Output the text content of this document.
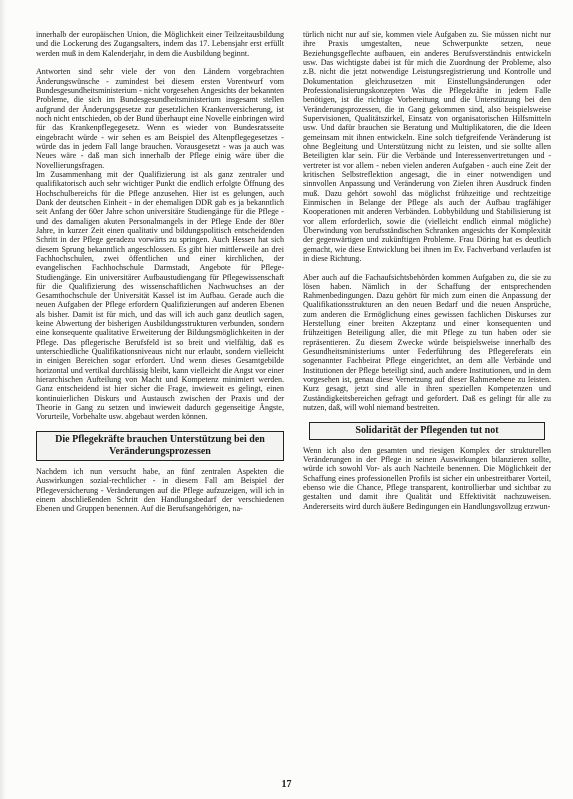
innerhalb der europäischen Union, die Möglichkeit einer Teilzeitausbildung und die Lockerung des Zugangsalters, indem das 17. Lebensjahr erst erfüllt werden muß in dem Kalenderjahr, in dem die Ausbildung beginnt.

Antworten sind sehr viele der von den Ländern vorgebrachten Änderungswünsche - zumindest bei diesem ersten Vorentwurf vom Bundesgesundheitsministerium - nicht vorgesehen Angesichts der bekannten Probleme, die sich im Bundesgesundheitsministerium insgesamt stellen aufgrund der Änderungsgesetze zur gesetzlichen Krankenversicherung, ist noch nicht entschieden, ob der Bund überhaupt eine Novelle einbringen wird für das Krankenpflegegesetz. Wenn es wieder von Bundesratsseite eingebracht würde - wir sehen es am Beispiel des Altenpflegegesetzes - würde das in jedem Fall lange brauchen. Vorausgesetzt - was ja auch was Neues wäre - daß man sich innerhalb der Pflege einig wäre über die Novellierungsfragen.

Im Zusammenhang mit der Qualifizierung ist als ganz zentraler und qualifikatorisch auch sehr wichtiger Punkt die endlich erfolgte Öffnung des Hochschulbereichs für die Pflege anzusehen. Hier ist es gelungen, auch Dank der deutschen Einheit - in der ehemaligen DDR gab es ja bekanntlich seit Anfang der 60er Jahre schon universitäre Studiengänge für die Pflege - und des damaligen akuten Personalmangels in der Pflege Ende der 80er Jahre, in kurzer Zeit einen qualitativ und bildungspolitisch entscheidenden Schritt in der Pflege geradezu vorwärts zu springen. Auch Hessen hat sich diesem Sprung bekanntlich angeschlossen. Es gibt hier mittlerweile an drei Fachhochschulen, zwei öffentlichen und einer kirchlichen, der evangelischen Fachhochschule Darmstadt, Angebote für Pflege-Studiengänge. Ein universitärer Aufbaustudiengang für Pflegewissenschaft für die Qualifizierung des wissenschaftlichen Nachwuchses an der Gesamthochschule der Universität Kassel ist im Aufbau. Gerade auch die neuen Aufgaben der Pflege erfordern Qualifizierungen auf anderen Ebenen als bisher. Damit ist für mich, und das will ich auch ganz deutlich sagen, keine Abwertung der bisherigen Ausbildungsstrukturen verbunden, sondern eine konsequente qualitative Erweiterung der Bildungsmöglichkeiten in der Pflege. Das pflegerische Berufsfeld ist so breit und vielfältig, daß es unterschiedliche Qualifikationsniveaus nicht nur erlaubt, sondern vielleicht in einigen Bereichen sogar erfordert. Und wenn dieses Gesamtgebilde horizontal und vertikal durchlässig bleibt, kann vielleicht die Angst vor einer hierarchischen Aufteilung von Macht und Kompetenz minimiert werden. Ganz entscheidend ist hier sicher die Frage, inwieweit es gelingt, einen kontinuierlichen Diskurs und Austausch zwischen der Praxis und der Theorie in Gang zu setzen und inwieweit dadurch gegenseitige Ängste, Vorurteile, Vorbehalte usw. abgebaut werden können.

Die Pflegekräfte brauchen Unterstützung bei den Veränderungsprozessen

Nachdem ich nun versucht habe, an fünf zentralen Aspekten die Auswirkungen sozial-rechtlicher - in diesem Fall am Beispiel der Pflegeversicherung - Veränderungen auf die Pflege aufzuzeigen, will ich in einem abschließenden Schritt den Handlungsbedarf der verschiedenen Ebenen und Gruppen benennen. Auf die Berufsangehörigen, na-

türlich nicht nur auf sie, kommen viele Aufgaben zu. Sie müssen nicht nur ihre Praxis umgestalten, neue Schwerpunkte setzen, neue Beziehungsgeflechte aufbauen, ein anderes Berufsverständnis entwickeln usw. Das wichtigste dabei ist für mich die Zuordnung der Probleme, also z.B. nicht die jetzt notwendige Leistungsregistrierung und Kontrolle und Dokumentation gleichzusetzen mit Einstellungsänderungen oder Professionalisierungskonzepten Was die Pflegekräfte in jedem Falle benötigen, ist die richtige Vorbereitung und die Unterstützung bei den Veränderungsprozessen, die in Gang gekommen sind, also beispielsweise Supervisionen, Qualitätszirkel, Einsatz von organisatorischen Hilfsmitteln usw. Und dafür brauchen sie Beratung und Multiplikatoren, die die Ideen gemeinsam mit ihnen entwickeln. Eine solch tiefgreifende Veränderung ist ohne Begleitung und Unterstützung nicht zu leisten, und sie sollte allen Beteiligten klar sein. Für die Verbände und Interessenvertretungen und -vertreter ist vor allem - neben vielen anderen Aufgaben - auch eine Zeit der kritischen Selbstreflektion angesagt, die in einer notwendigen und sinnvollen Anpassung und Veränderung von Zielen ihren Ausdruck finden muß. Dazu gehört sowohl das möglichst frühzeitige und rechtzeitige Einmischen in Belange der Pflege als auch der Aufbau tragfähiger Kooperationen mit anderen Verbänden. Lobbybildung und Stabilisierung ist vor allem erforderlich, sowie die (vielleicht endlich einmal mögliche) Überwindung von berufsständischen Schranken angesichts der Komplexität der gegenwärtigen und zukünftigen Probleme. Frau Döring hat es deutlich gemacht, wie diese Entwicklung bei ihnen im Ev. Fachverband verlaufen ist in diese Richtung.

Aber auch auf die Fachaufsichtsbehörden kommen Aufgaben zu, die sie zu lösen haben. Nämlich in der Schaffung der entsprechenden Rahmenbedingungen. Dazu gehört für mich zum einen die Anpassung der Qualifikationsstrukturen an den neuen Bedarf und die neuen Ansprüche, zum anderen die Ermöglichung eines gewissen fachlichen Diskurses zur Herstellung einer breiten Akzeptanz und einer konsequenten und frühzeitigen Beteiligung aller, die mit Pflege zu tun haben oder sie repräsentieren. Zu diesem Zwecke würde beispielsweise innerhalb des Gesundheitsministeriums unter Federführung des Pflegereferats ein sogenannter Fachbeirat Pflege eingerichtet, an dem alle Verbände und Institutionen der Pflege beteiligt sind, auch andere Institutionen, und in dem vorgesehen ist, genau diese Vernetzung auf dieser Rahmenebene zu leisten. Kurz gesagt, jetzt sind alle in ihren speziellen Kompetenzen und Zuständigkeitsbereichen gefragt und gefordert. Daß es gelingt für alle zu nutzen, daß, will wohl niemand bestreiten.

Solidarität der Pflegenden tut not

Wenn ich also den gesamten und riesigen Komplex der strukturellen Veränderungen in der Pflege in seinen Auswirkungen bilanzieren sollte, würde ich sowohl Vor- als auch Nachteile benennen. Die Möglichkeit der Schaffung eines professionellen Profils ist sicher ein unbestreitbarer Vorteil, ebenso wie die Chance, Pflege transparent, kontrollierbar und sichtbar zu gestalten und damit ihre Qualität und Effektivität nachzuweisen. Andererseits wird durch äußere Bedingungen ein Handlungsvollzug erzwun-

17
